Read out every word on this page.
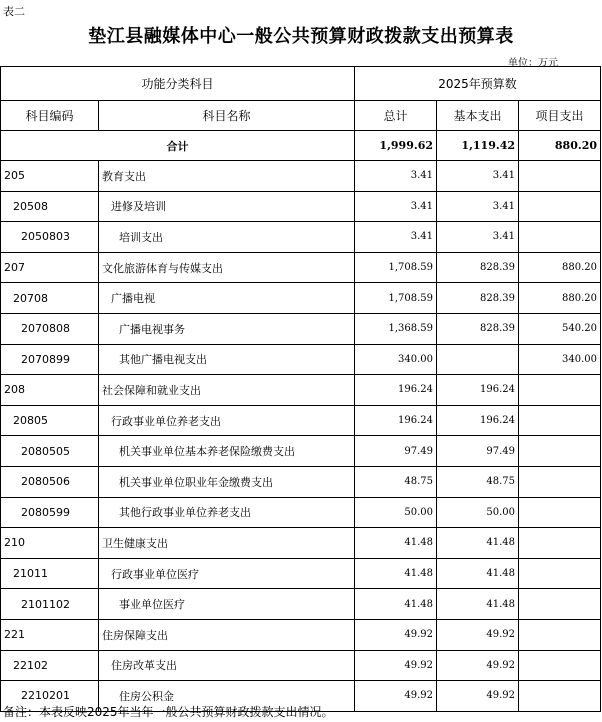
表二
垫江县融媒体中心一般公共预算财政拨款支出预算表
单位：万元
功能分类科目		2025年预算数		
科目编码	科目名称	总计	基本支出	项目支出
合计		1,999.62	1,119.42	880.20
205	教育支出	3.41	3.41	
20508	进修及培训	3.41	3.41	
2050803	培训支出	3.41	3.41	
207	文化旅游体育与传媒支出	1,708.59	828.39	880.20
20708	广播电视	1,708.59	828.39	880.20
2070808	广播电视事务	1,368.59	828.39	540.20
2070899	其他广播电视支出	340.00		340.00
208	社会保障和就业支出	196.24	196.24	
20805	行政事业单位养老支出	196.24	196.24	
2080505	机关事业单位基本养老保险缴费支出	97.49	97.49	
2080506	机关事业单位职业年金缴费支出	48.75	48.75	
2080599	其他行政事业单位养老支出	50.00	50.00	
210	卫生健康支出	41.48	41.48	
21011	行政事业单位医疗	41.48	41.48	
2101102	事业单位医疗	41.48	41.48	
221	住房保障支出	49.92	49.92	
22102	住房改革支出	49.92	49.92	
2210201	住房公积金	49.92	49.92	
备注：本表反映2025年当年一般公共预算财政拨款支出情况。
